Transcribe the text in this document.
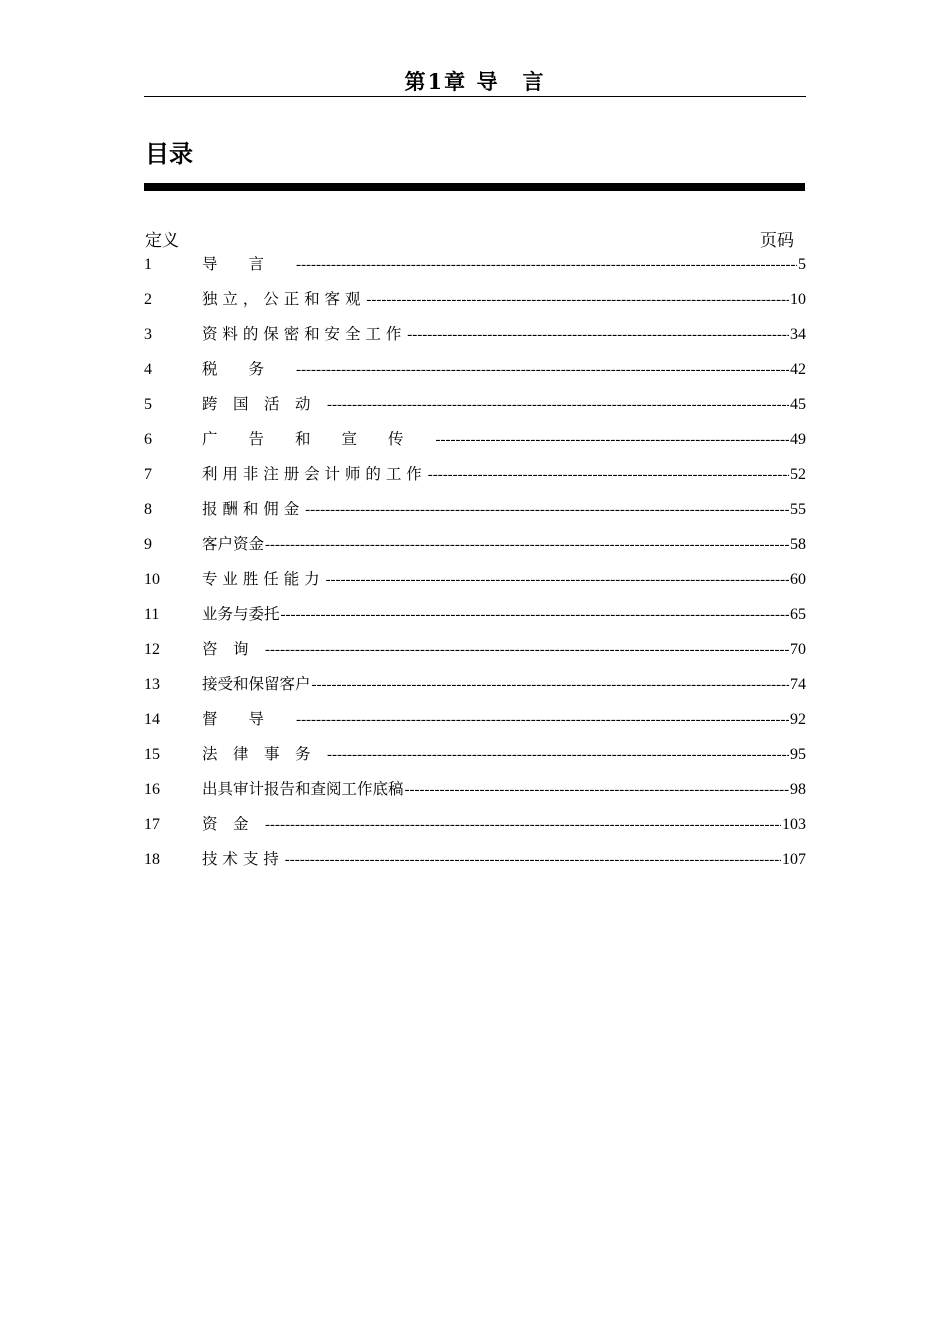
第1章 导　言
目录
定义	页码
1	导　　言　　 -----	5
2	独 立 ， 公 正 和 客 观 -----	10
3	资 料 的 保 密 和 安 全 工 作 -----	34
4	税　　务　　 -----	42
5	跨　国　活　动　 -----	45
6	广　　告　　和　　宣　　传　　 -----	49
7	利 用 非 注 册 会 计 师 的 工 作 -----	52
8	报 酬 和 佣 金 -----	55
9	客户资金 -----	58
10	专 业 胜 任 能 力 -----	60
11	业务与委托 -----	65
12	咨　询　 -----	70
13	接受和保留客户 -----	74
14	督　　导　　 -----	92
15	法　律　事　务　 -----	95
16	出具审计报告和查阅工作底稿 -----	98
17	资　金　 -----	103
18	技 术 支 持 -----	107
